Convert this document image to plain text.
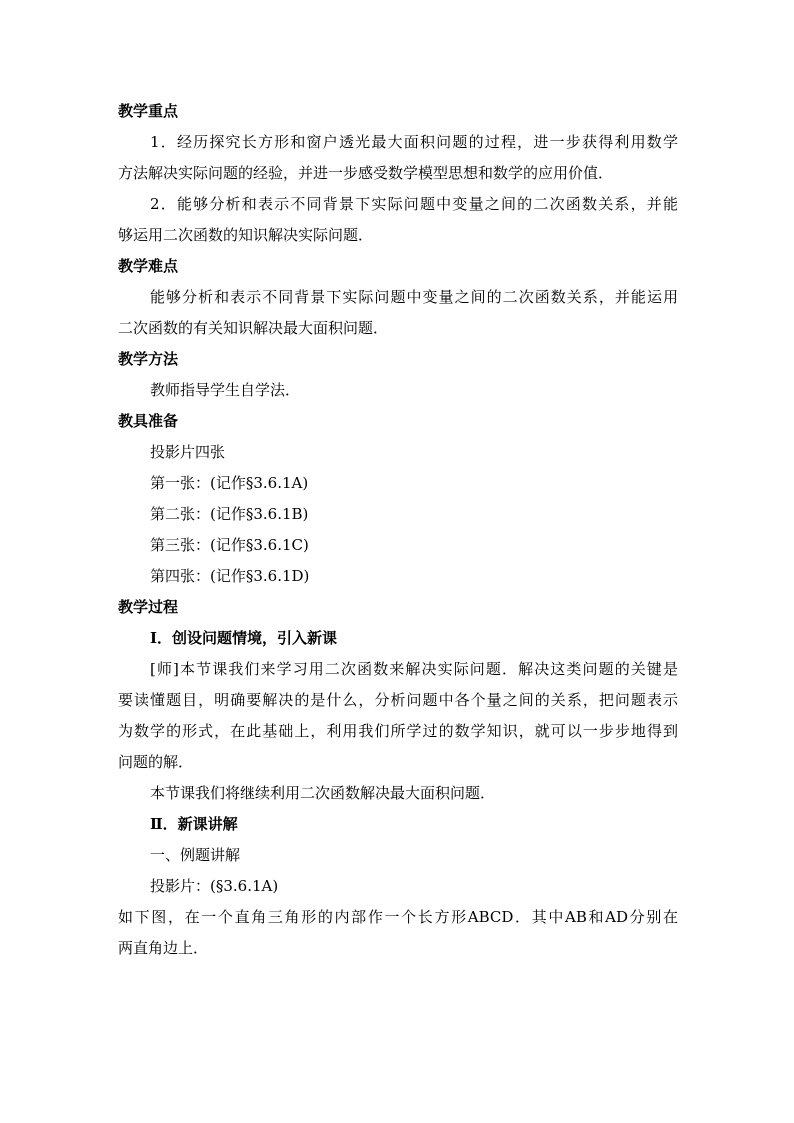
教学重点
1．经历探究长方形和窗户透光最大面积问题的过程，进一步获得利用数学
方法解决实际问题的经验，并进一步感受数学模型思想和数学的应用价值．
2．能够分析和表示不同背景下实际问题中变量之间的二次函数关系，并能
够运用二次函数的知识解决实际问题．
教学难点
能够分析和表示不同背景下实际问题中变量之间的二次函数关系，并能运用
二次函数的有关知识解决最大面积问题．
教学方法
教师指导学生自学法．
教具准备
投影片四张
第一张：(记作§3.6.1A)
第二张：(记作§3.6.1B)
第三张：(记作§3.6.1C)
第四张：(记作§3.6.1D)
教学过程
Ⅰ．创设问题情境，引入新课
[师]本节课我们来学习用二次函数来解决实际问题．解决这类问题的关键是
要读懂题目，明确要解决的是什么，分析问题中各个量之间的关系，把问题表示
为数学的形式，在此基础上，利用我们所学过的数学知识，就可以一步步地得到
问题的解．
本节课我们将继续利用二次函数解决最大面积问题．
Ⅱ．新课讲解
一、例题讲解
投影片：(§3.6.1A)
如下图，在一个直角三角形的内部作一个长方形ABCD．其中AB和AD分别在
两直角边上．
